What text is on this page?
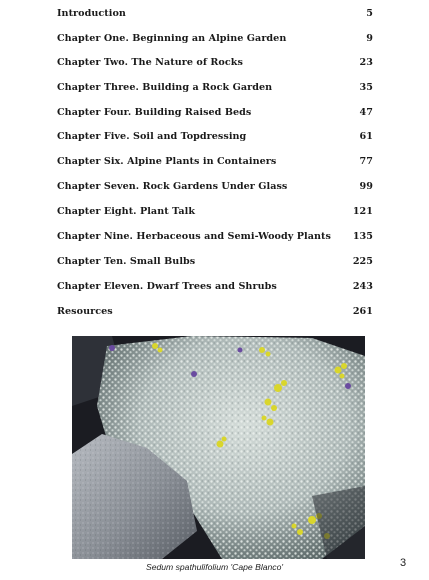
Introduction	5
Chapter One. Beginning an Alpine Garden	9
Chapter Two. The Nature of Rocks	23
Chapter Three. Building a Rock Garden	35
Chapter Four. Building Raised Beds	47
Chapter Five. Soil and Topdressing	61
Chapter Six. Alpine Plants in Containers	77
Chapter Seven. Rock Gardens Under Glass	99
Chapter Eight. Plant Talk	121
Chapter Nine. Herbaceous and Semi-Woody Plants 135
Chapter Ten. Small Bulbs	225
Chapter Eleven. Dwarf Trees and Shrubs	243
Resources	261
Sedum spathulifolium 'Cape Blanco'	3
